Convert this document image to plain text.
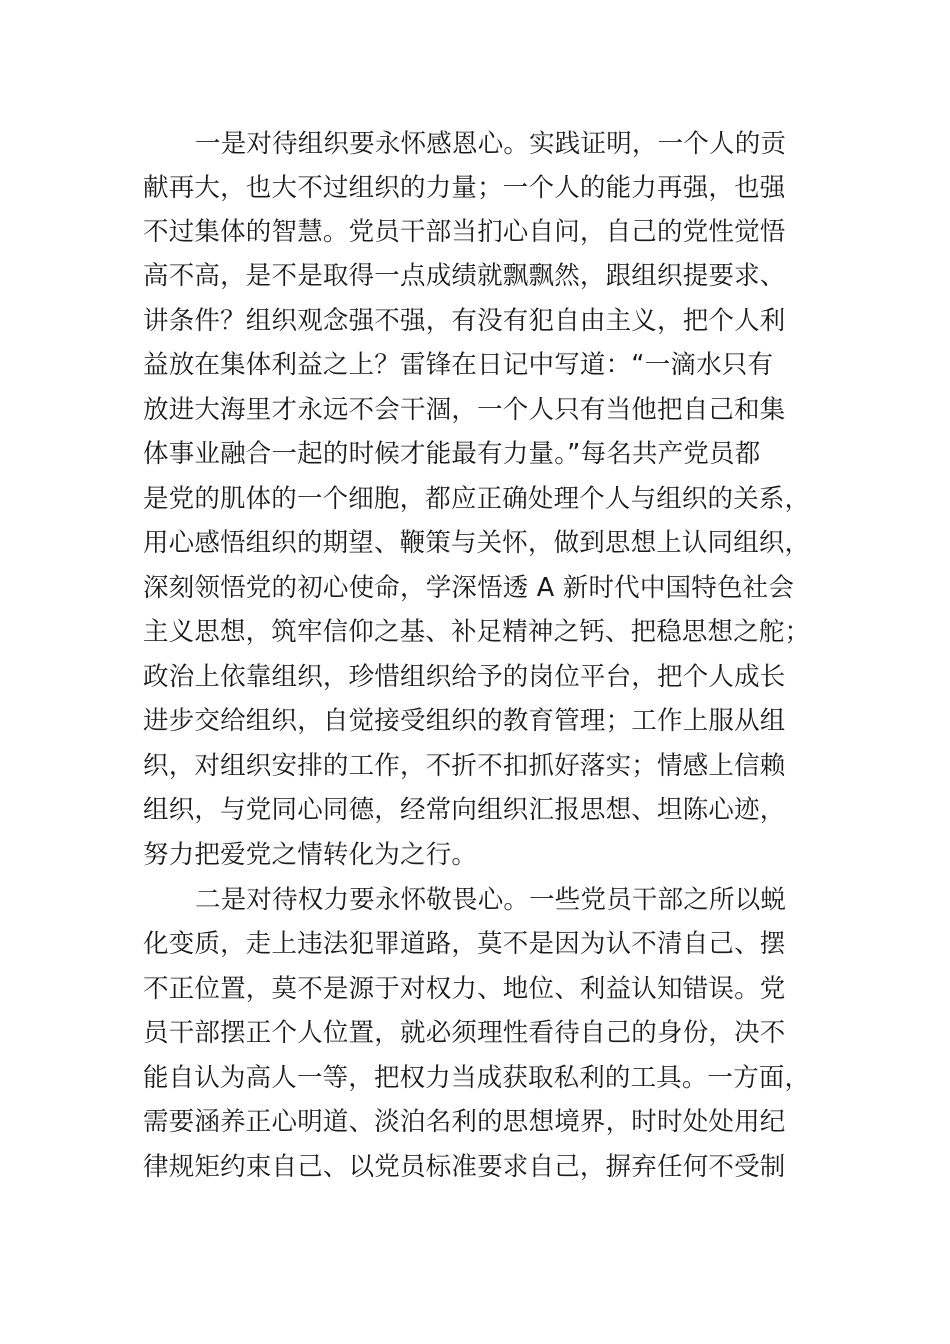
一是对待组织要永怀感恩心。实践证明，一个人的贡
献再大，也大不过组织的力量；一个人的能力再强，也强
不过集体的智慧。党员干部当扪心自问，自己的党性觉悟
高不高，是不是取得一点成绩就飘飘然，跟组织提要求、
讲条件？组织观念强不强，有没有犯自由主义，把个人利
益放在集体利益之上？雷锋在日记中写道：“一滴水只有
放进大海里才永远不会干涸，一个人只有当他把自己和集
体事业融合一起的时候才能最有力量。”每名共产党员都
是党的肌体的一个细胞，都应正确处理个人与组织的关系，
用心感悟组织的期望、鞭策与关怀，做到思想上认同组织，
深刻领悟党的初心使命，学深悟透 A 新时代中国特色社会
主义思想，筑牢信仰之基、补足精神之钙、把稳思想之舵；
政治上依靠组织，珍惜组织给予的岗位平台，把个人成长
进步交给组织，自觉接受组织的教育管理；工作上服从组
织，对组织安排的工作，不折不扣抓好落实；情感上信赖
组织，与党同心同德，经常向组织汇报思想、坦陈心迹，
努力把爱党之情转化为之行。
二是对待权力要永怀敬畏心。一些党员干部之所以蜕
化变质，走上违法犯罪道路，莫不是因为认不清自己、摆
不正位置，莫不是源于对权力、地位、利益认知错误。党
员干部摆正个人位置，就必须理性看待自己的身份，决不
能自认为高人一等，把权力当成获取私利的工具。一方面，
需要涵养正心明道、淡泊名利的思想境界，时时处处用纪
律规矩约束自己、以党员标准要求自己，摒弃任何不受制
